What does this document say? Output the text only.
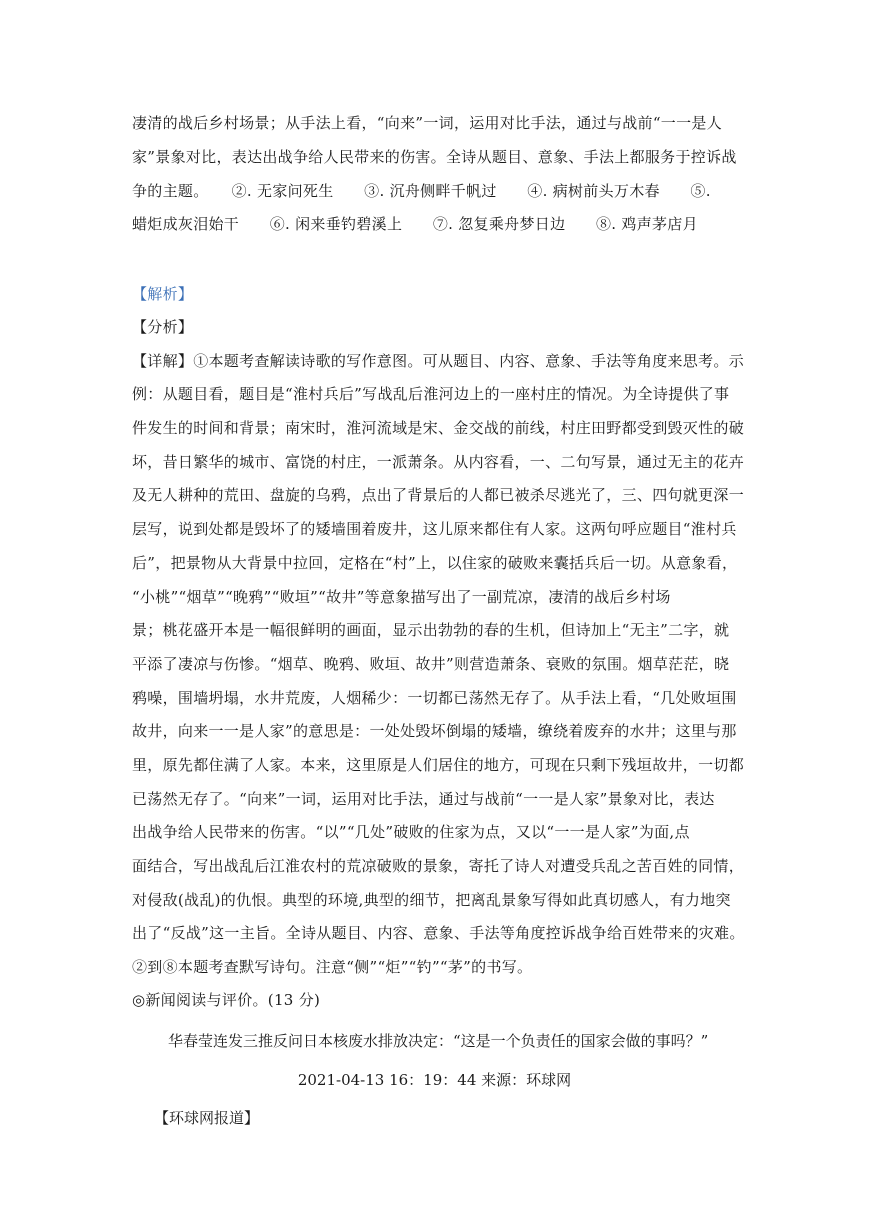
凄清的战后乡村场景；从手法上看，“向来”一词，运用对比手法，通过与战前“一一是人
家”景象对比，表达出战争给人民带来的伤害。全诗从题目、意象、手法上都服务于控诉战
争的主题。　　②. 无家问死生　　③. 沉舟侧畔千帆过　　④. 病树前头万木春　　⑤.
蜡炬成灰泪始干　　⑥. 闲来垂钓碧溪上　　⑦. 忽复乘舟梦日边　　⑧. 鸡声茅店月
【解析】
【分析】
【详解】①本题考查解读诗歌的写作意图。可从题目、内容、意象、手法等角度来思考。示
例：从题目看，题目是“淮村兵后”写战乱后淮河边上的一座村庄的情况。为全诗提供了事
件发生的时间和背景；南宋时，淮河流域是宋、金交战的前线，村庄田野都受到毁灭性的破
坏，昔日繁华的城市、富饶的村庄，一派萧条。从内容看，一、二句写景，通过无主的花卉
及无人耕种的荒田、盘旋的乌鸦，点出了背景后的人都已被杀尽逃光了，三、四句就更深一
层写，说到处都是毁坏了的矮墙围着废井，这儿原来都住有人家。这两句呼应题目“淮村兵
后”，把景物从大背景中拉回，定格在“村”上，以住家的破败来囊括兵后一切。从意象看，
“小桃”“烟草”“晚鸦”“败垣”“故井”等意象描写出了一副荒凉，凄清的战后乡村场
景；桃花盛开本是一幅很鲜明的画面，显示出勃勃的春的生机，但诗加上“无主”二字，就
平添了凄凉与伤惨。“烟草、晚鸦、败垣、故井”则营造萧条、衰败的氛围。烟草茫茫，晓
鸦噪，围墙坍塌，水井荒废，人烟稀少：一切都已荡然无存了。从手法上看，“几处败垣围
故井，向来一一是人家”的意思是：一处处毁坏倒塌的矮墙，缭绕着废弃的水井；这里与那
里，原先都住满了人家。本来，这里原是人们居住的地方，可现在只剩下残垣故井，一切都
已荡然无存了。“向来”一词，运用对比手法，通过与战前“一一是人家”景象对比，表达
出战争给人民带来的伤害。“以”“几处”破败的住家为点，又以“一一是人家”为面,点
面结合，写出战乱后江淮农村的荒凉破败的景象，寄托了诗人对遭受兵乱之苦百姓的同情，
对侵敌(战乱)的仇恨。典型的环境,典型的细节，把离乱景象写得如此真切感人，有力地突
出了“反战”这一主旨。全诗从题目、内容、意象、手法等角度控诉战争给百姓带来的灾难。
②到⑧本题考查默写诗句。注意“侧”“炬”“钓”“茅”的书写。
◎新闻阅读与评价。(13 分)
华春莹连发三推反问日本核废水排放决定：“这是一个负责任的国家会做的事吗？”
2021-04-13 16：19：44 来源：环球网
【环球网报道】
